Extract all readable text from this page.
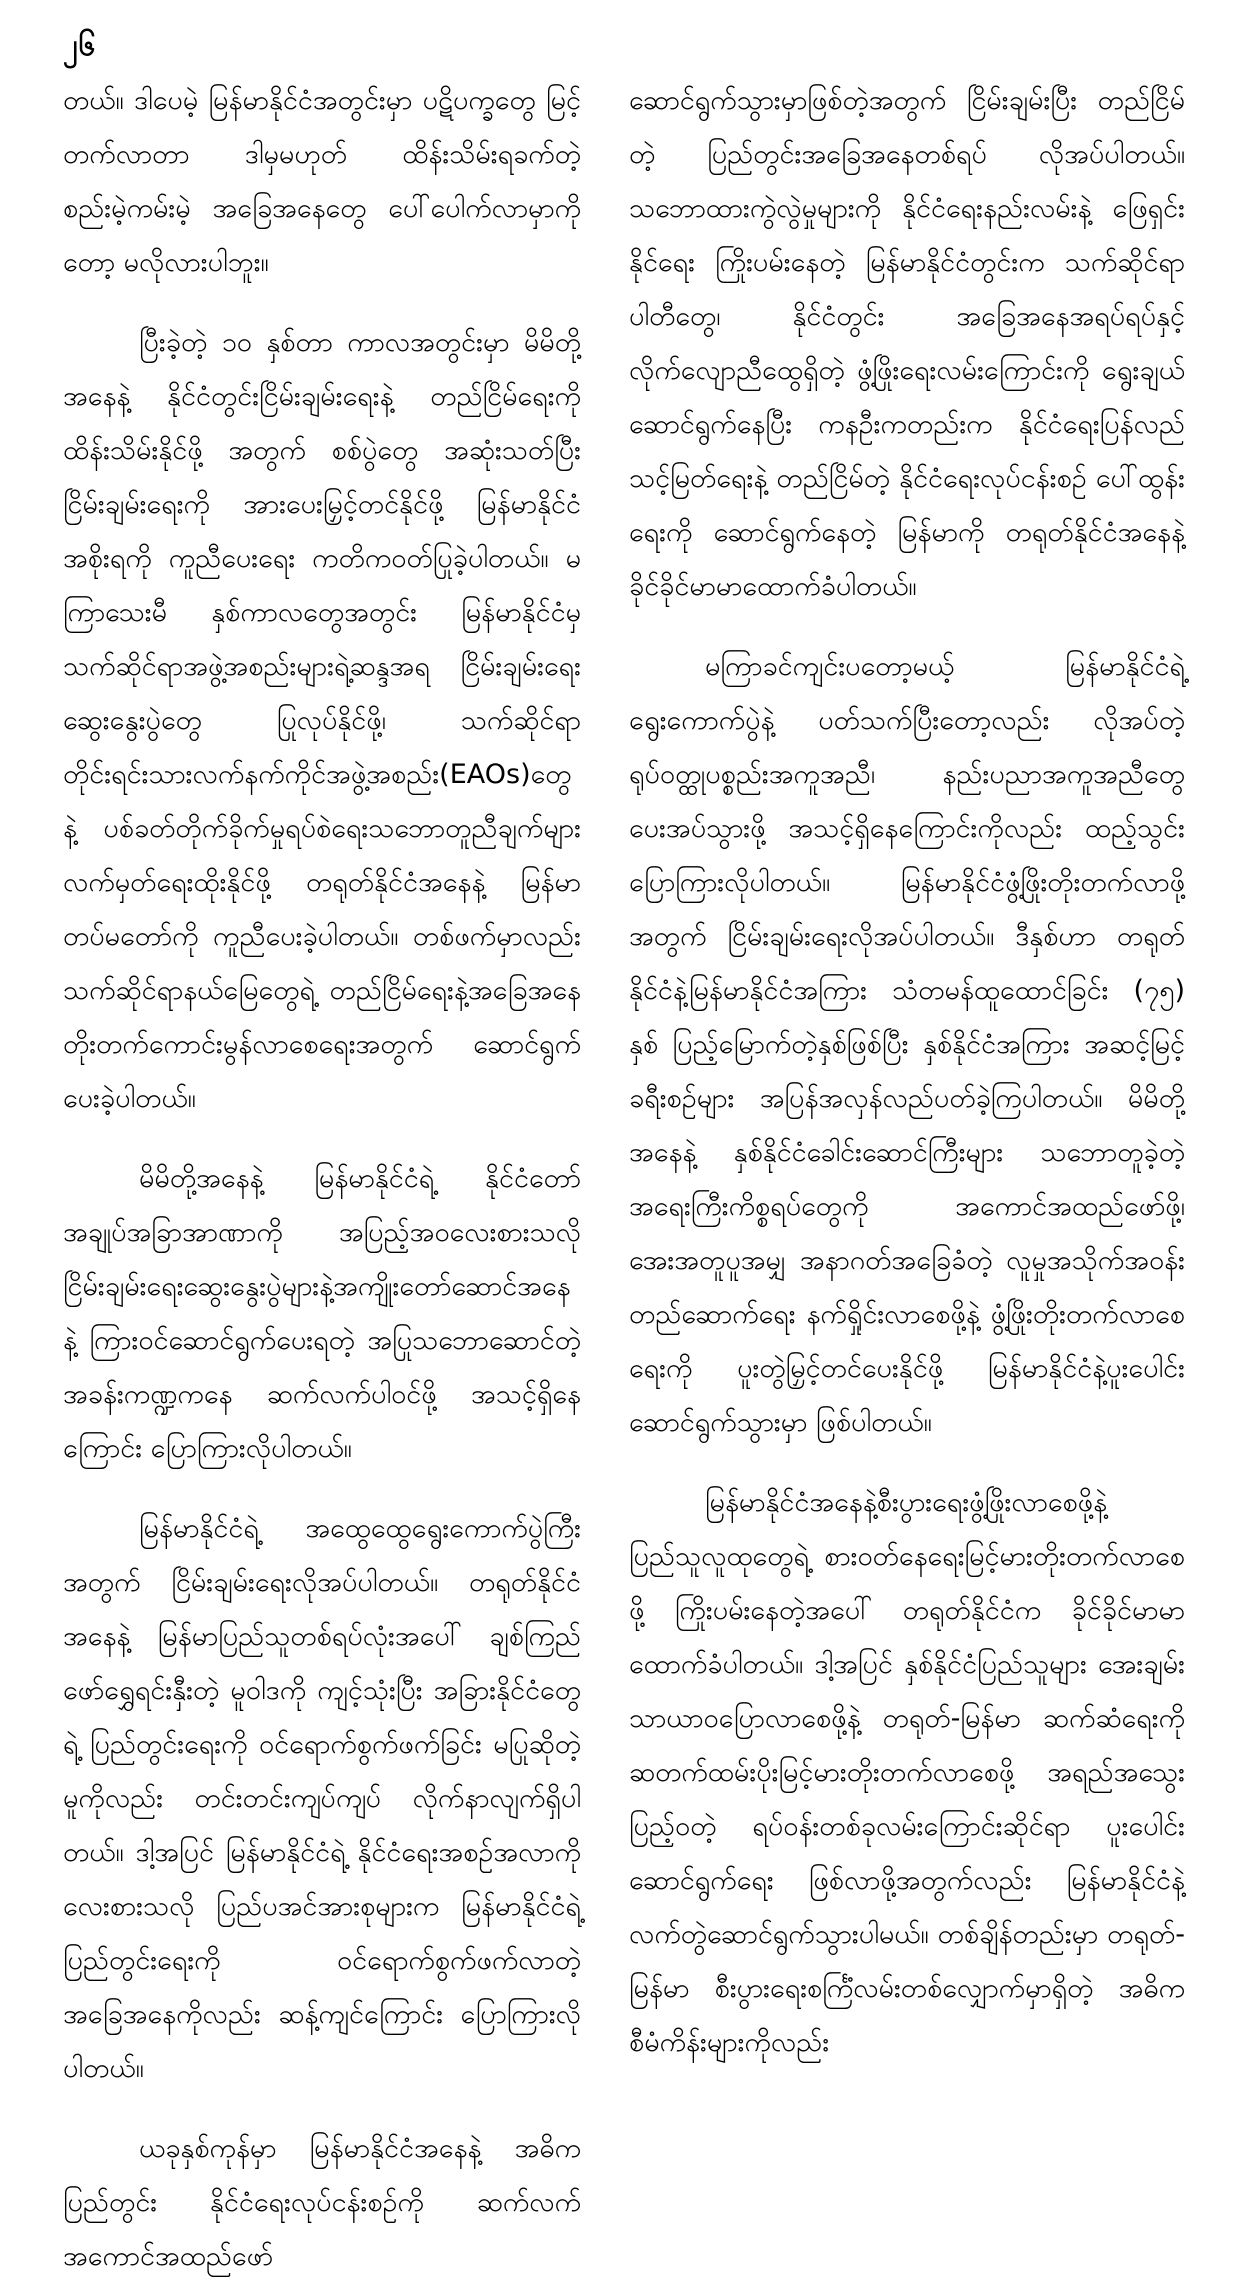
၂၆

တယ်။ ဒါပေမဲ့ မြန်မာနိုင်ငံအတွင်းမှာ ပဋိပက္ခတွေ မြင့်တက်လာတာ ဒါမှမဟုတ် ထိန်းသိမ်းရခက်တဲ့ စည်းမဲ့ကမ်းမဲ့ အခြေအနေတွေ ပေါ်ပေါက်လာမှာကိုတော့ မလိုလားပါဘူး။

ပြီးခဲ့တဲ့ ၁၀ နှစ်တာ ကာလအတွင်းမှာ မိမိတို့အနေနဲ့ နိုင်ငံတွင်းငြိမ်းချမ်းရေးနဲ့ တည်ငြိမ်ရေးကို ထိန်းသိမ်းနိုင်ဖို့ အတွက် စစ်ပွဲတွေ အဆုံးသတ်ပြီး ငြိမ်းချမ်းရေးကို အားပေးမြှင့်တင်နိုင်ဖို့ မြန်မာနိုင်ငံအစိုးရကို ကူညီပေးရေး ကတိကဝတ်ပြုခဲ့ပါတယ်။ မကြာသေးမီ နှစ်ကာလတွေအတွင်း မြန်မာနိုင်ငံမှ သက်ဆိုင်ရာအဖွဲ့အစည်းများရဲ့ဆန္ဒအရ ငြိမ်းချမ်းရေးဆွေးနွေးပွဲတွေ ပြုလုပ်နိုင်ဖို့၊ သက်ဆိုင်ရာ တိုင်းရင်းသားလက်နက်ကိုင်အဖွဲ့အစည်း(EAOs)တွေနဲ့ ပစ်ခတ်တိုက်ခိုက်မှုရပ်စဲရေးသဘောတူညီချက်များ လက်မှတ်ရေးထိုးနိုင်ဖို့ တရုတ်နိုင်ငံအနေနဲ့ မြန်မာတပ်မတော်ကို ကူညီပေးခဲ့ပါတယ်။ တစ်ဖက်မှာလည်း သက်ဆိုင်ရာနယ်မြေတွေရဲ့ တည်ငြိမ်ရေးနဲ့အခြေအနေ တိုးတက်ကောင်းမွန်လာစေရေးအတွက် ဆောင်ရွက်ပေးခဲ့ပါတယ်။

မိမိတို့အနေနဲ့ မြန်မာနိုင်ငံရဲ့ နိုင်ငံတော်အချုပ်အခြာအာဏာကို အပြည့်အဝလေးစားသလို ငြိမ်းချမ်းရေးဆွေးနွေးပွဲများနဲ့အကျိုးတော်ဆောင်အနေနဲ့ ကြားဝင်ဆောင်ရွက်ပေးရတဲ့ အပြုသဘောဆောင်တဲ့ အခန်းကဏ္ဍကနေ ဆက်လက်ပါဝင်ဖို့ အသင့်ရှိနေကြောင်း ပြောကြားလိုပါတယ်။

မြန်မာနိုင်ငံရဲ့ အထွေထွေရွေးကောက်ပွဲကြီးအတွက် ငြိမ်းချမ်းရေးလိုအပ်ပါတယ်။ တရုတ်နိုင်ငံအနေနဲ့ မြန်မာပြည်သူတစ်ရပ်လုံးအပေါ် ချစ်ကြည်ဖော်ရွှေရင်းနှီးတဲ့ မူဝါဒကို ကျင့်သုံးပြီး အခြားနိုင်ငံတွေရဲ့ ပြည်တွင်းရေးကို ဝင်ရောက်စွက်ဖက်ခြင်း မပြုဆိုတဲ့မူကိုလည်း တင်းတင်းကျပ်ကျပ် လိုက်နာလျက်ရှိပါတယ်။ ဒါ့အပြင် မြန်မာနိုင်ငံရဲ့ နိုင်ငံရေးအစဉ်အလာကို လေးစားသလို ပြည်ပအင်အားစုများက မြန်မာနိုင်ငံရဲ့ ပြည်တွင်းရေးကို ဝင်ရောက်စွက်ဖက်လာတဲ့ အခြေအနေကိုလည်း ဆန့်ကျင်ကြောင်း ပြောကြားလိုပါတယ်။

ယခုနှစ်ကုန်မှာ မြန်မာနိုင်ငံအနေနဲ့ အဓိကပြည်တွင်း နိုင်ငံရေးလုပ်ငန်းစဉ်ကို ဆက်လက်အကောင်အထည်ဖော်

ဆောင်ရွက်သွားမှာဖြစ်တဲ့အတွက် ငြိမ်းချမ်းပြီး တည်ငြိမ်တဲ့ ပြည်တွင်းအခြေအနေတစ်ရပ် လိုအပ်ပါတယ်။ သဘောထားကွဲလွဲမှုများကို နိုင်ငံရေးနည်းလမ်းနဲ့ ဖြေရှင်းနိုင်ရေး ကြိုးပမ်းနေတဲ့ မြန်မာနိုင်ငံတွင်းက သက်ဆိုင်ရာ ပါတီတွေ၊ နိုင်ငံတွင်း အခြေအနေအရပ်ရပ်နှင့် လိုက်လျောညီထွေရှိတဲ့ ဖွံ့ဖြိုးရေးလမ်းကြောင်းကို ရွေးချယ်ဆောင်ရွက်နေပြီး ကနဦးကတည်းက နိုင်ငံရေးပြန်လည်သင့်မြတ်ရေးနဲ့ တည်ငြိမ်တဲ့ နိုင်ငံရေးလုပ်ငန်းစဉ် ပေါ်ထွန်းရေးကို ဆောင်ရွက်နေတဲ့ မြန်မာကို တရုတ်နိုင်ငံအနေနဲ့ ခိုင်ခိုင်မာမာထောက်ခံပါတယ်။

မကြာခင်ကျင်းပတော့မယ့် မြန်မာနိုင်ငံရဲ့ရွေးကောက်ပွဲနဲ့ ပတ်သက်ပြီးတော့လည်း လိုအပ်တဲ့ ရုပ်ဝတ္ထုပစ္စည်းအကူအညီ၊ နည်းပညာအကူအညီတွေ ပေးအပ်သွားဖို့ အသင့်ရှိနေကြောင်းကိုလည်း ထည့်သွင်းပြောကြားလိုပါတယ်။ မြန်မာနိုင်ငံဖွံ့ဖြိုးတိုးတက်လာဖို့အတွက် ငြိမ်းချမ်းရေးလိုအပ်ပါတယ်။ ဒီနှစ်ဟာ တရုတ်နိုင်ငံနဲ့မြန်မာနိုင်ငံအကြား သံတမန်ထူထောင်ခြင်း (၇၅) နှစ် ပြည့်မြောက်တဲ့နှစ်ဖြစ်ပြီး နှစ်နိုင်ငံအကြား အဆင့်မြင့်ခရီးစဉ်များ အပြန်အလှန်လည်ပတ်ခဲ့ကြပါတယ်။ မိမိတို့အနေနဲ့ နှစ်နိုင်ငံခေါင်းဆောင်ကြီးများ သဘောတူခဲ့တဲ့ အရေးကြီးကိစ္စရပ်တွေကို အကောင်အထည်ဖော်ဖို့၊ အေးအတူပူအမျှ အနာဂတ်အခြေခံတဲ့ လူမှုအသိုက်အဝန်း တည်ဆောက်ရေး နက်ရှိုင်းလာစေဖို့နဲ့ ဖွံ့ဖြိုးတိုးတက်လာစေရေးကို ပူးတွဲမြှင့်တင်ပေးနိုင်ဖို့ မြန်မာနိုင်ငံနဲ့ပူးပေါင်း ဆောင်ရွက်သွားမှာ ဖြစ်ပါတယ်။

မြန်မာနိုင်ငံအနေနဲ့စီးပွားရေးဖွံ့ဖြိုးလာစေဖို့နဲ့ ပြည်သူလူထုတွေရဲ့ စားဝတ်နေရေးမြင့်မားတိုးတက်လာစေဖို့ ကြိုးပမ်းနေတဲ့အပေါ် တရုတ်နိုင်ငံက ခိုင်ခိုင်မာမာ ထောက်ခံပါတယ်။ ဒါ့အပြင် နှစ်နိုင်ငံပြည်သူများ အေးချမ်းသာယာဝပြောလာစေဖို့နဲ့ တရုတ်-မြန်မာ ဆက်ဆံရေးကို ဆတက်ထမ်းပိုးမြင့်မားတိုးတက်လာစေဖို့ အရည်အသွေးပြည့်ဝတဲ့ ရပ်ဝန်းတစ်ခုလမ်းကြောင်းဆိုင်ရာ ပူးပေါင်းဆောင်ရွက်ရေး ဖြစ်လာဖို့အတွက်လည်း မြန်မာနိုင်ငံနဲ့ လက်တွဲဆောင်ရွက်သွားပါမယ်။ တစ်ချိန်တည်းမှာ တရုတ်-မြန်မာ စီးပွားရေးစင်္ကြံလမ်းတစ်လျှောက်မှာရှိတဲ့ အဓိကစီမံကိန်းများကိုလည်း
